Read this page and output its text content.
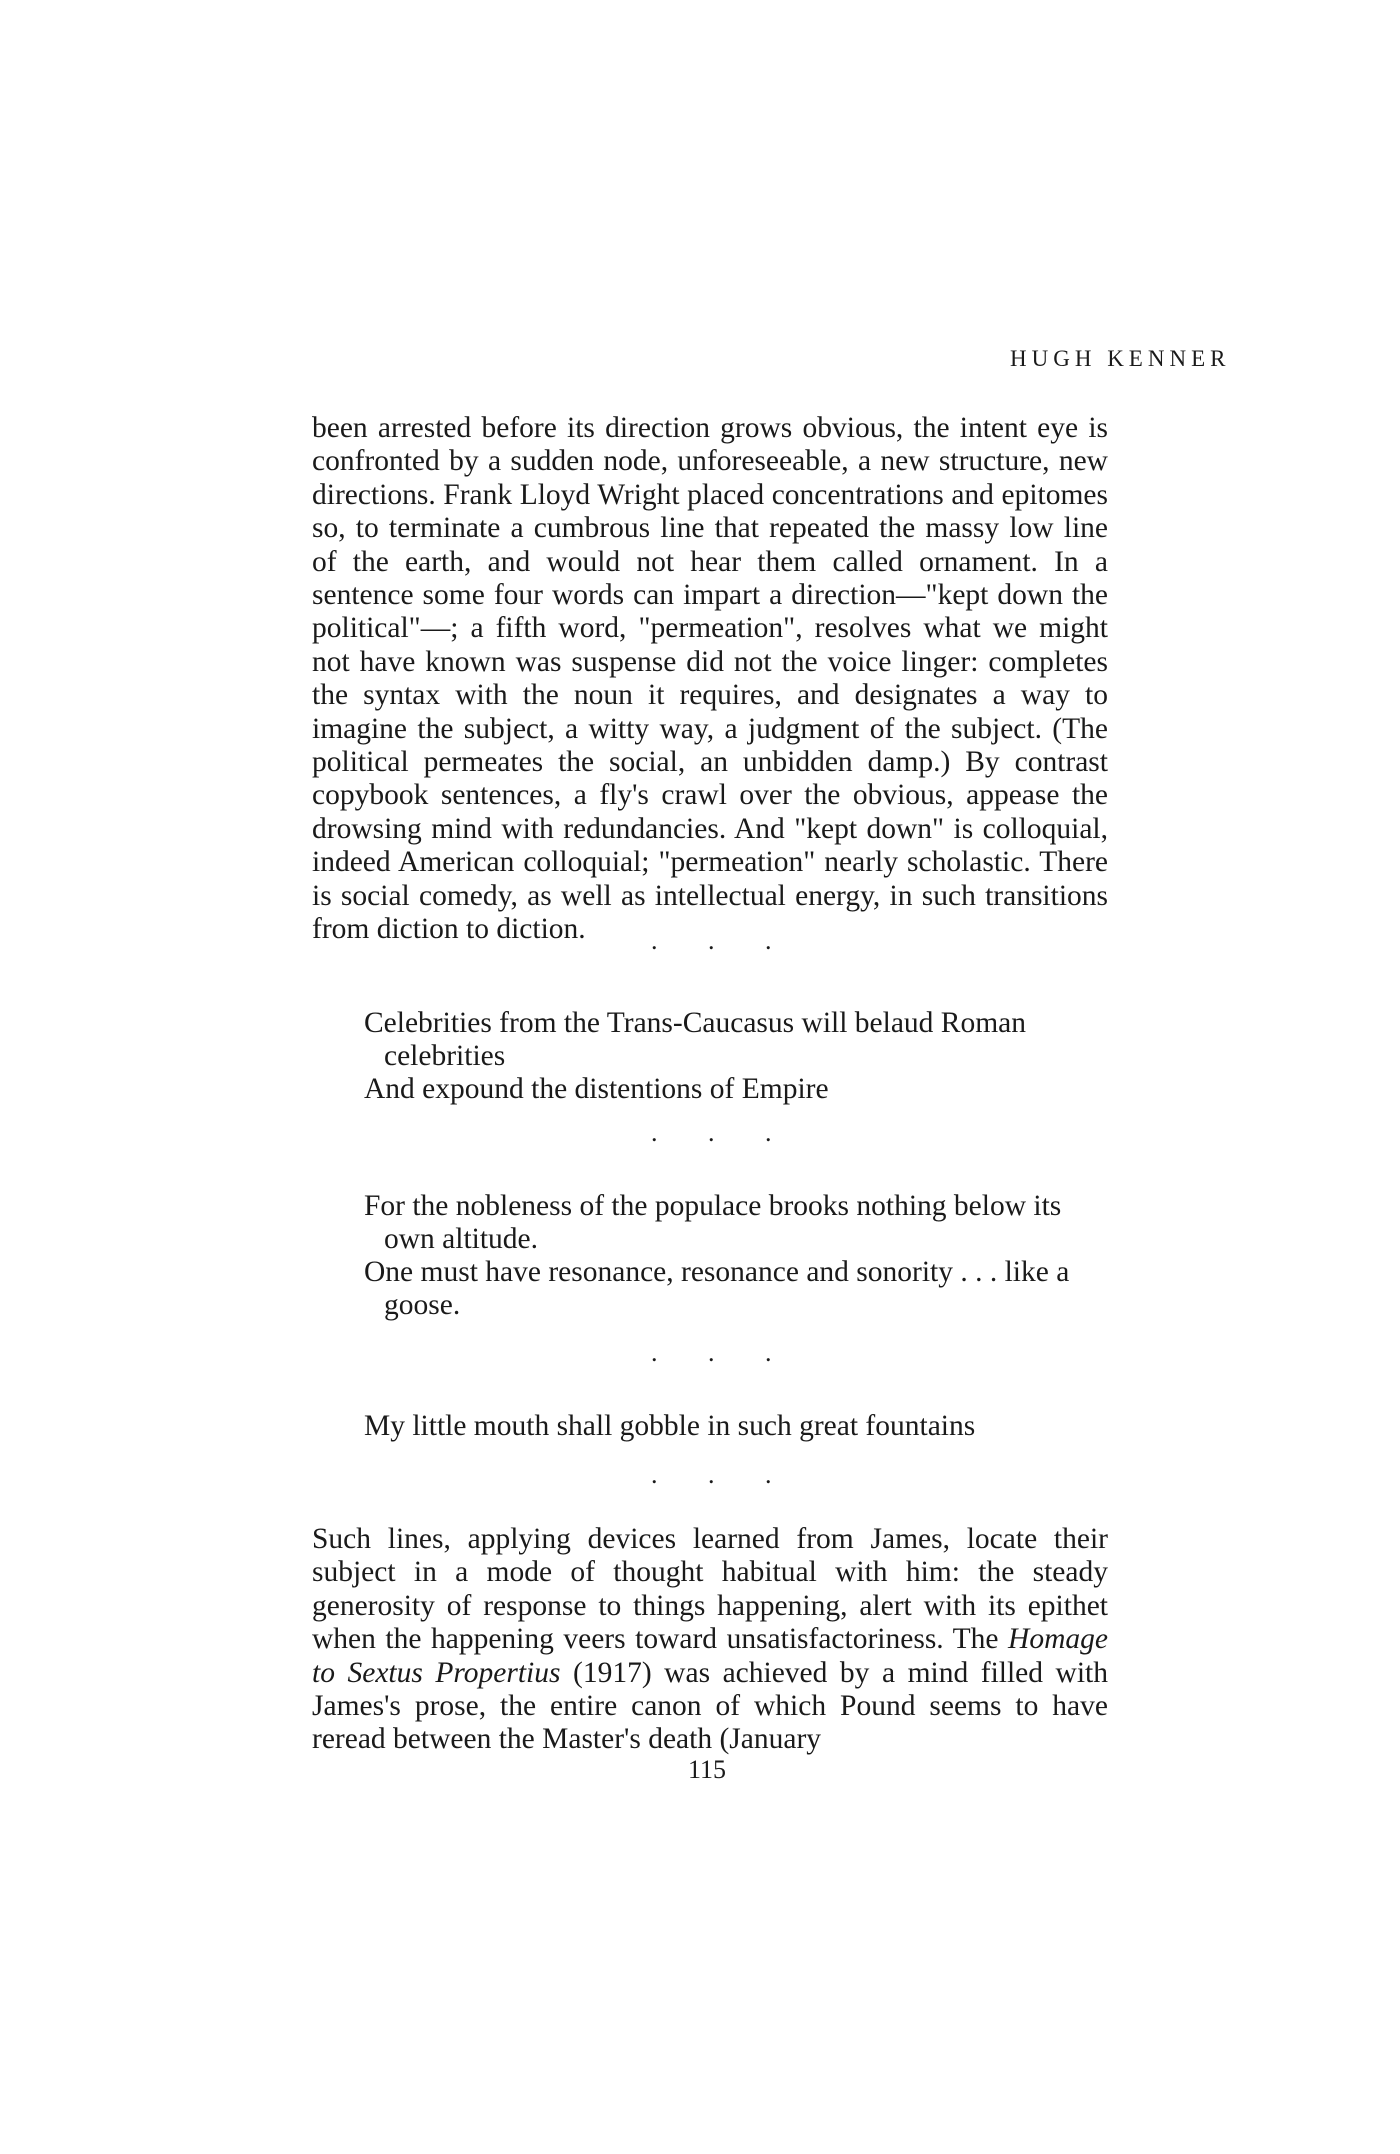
HUGH KENNER

been arrested before its direction grows obvious, the intent eye is confronted by a sudden node, unforeseeable, a new structure, new directions. Frank Lloyd Wright placed concentrations and epitomes so, to terminate a cumbrous line that repeated the massy low line of the earth, and would not hear them called ornament. In a sentence some four words can impart a direction—"kept down the political"—; a fifth word, "permeation", resolves what we might not have known was suspense did not the voice linger: completes the syntax with the noun it requires, and designates a way to imagine the subject, a witty way, a judgment of the subject. (The political permeates the social, an unbidden damp.) By contrast copybook sentences, a fly's crawl over the obvious, appease the drowsing mind with redundancies. And "kept down" is colloquial, indeed American colloquial; "permeation" nearly scholastic. There is social comedy, as well as intellectual energy, in such transitions from diction to diction.	. . .
Celebrities from the Trans-Caucasus will belaud Roman celebrities
And expound the distentions of Empire
. . .
For the nobleness of the populace brooks nothing below its own altitude.
One must have resonance, resonance and sonority . . . like a goose.
. . .
My little mouth shall gobble in such great fountains
. . .

Such lines, applying devices learned from James, locate their subject in a mode of thought habitual with him: the steady generosity of response to things happening, alert with its epithet when the happening veers toward unsatisfactoriness. The Homage to Sextus Propertius (1917) was achieved by a mind filled with James's prose, the entire canon of which Pound seems to have reread between the Master's death (January

115
